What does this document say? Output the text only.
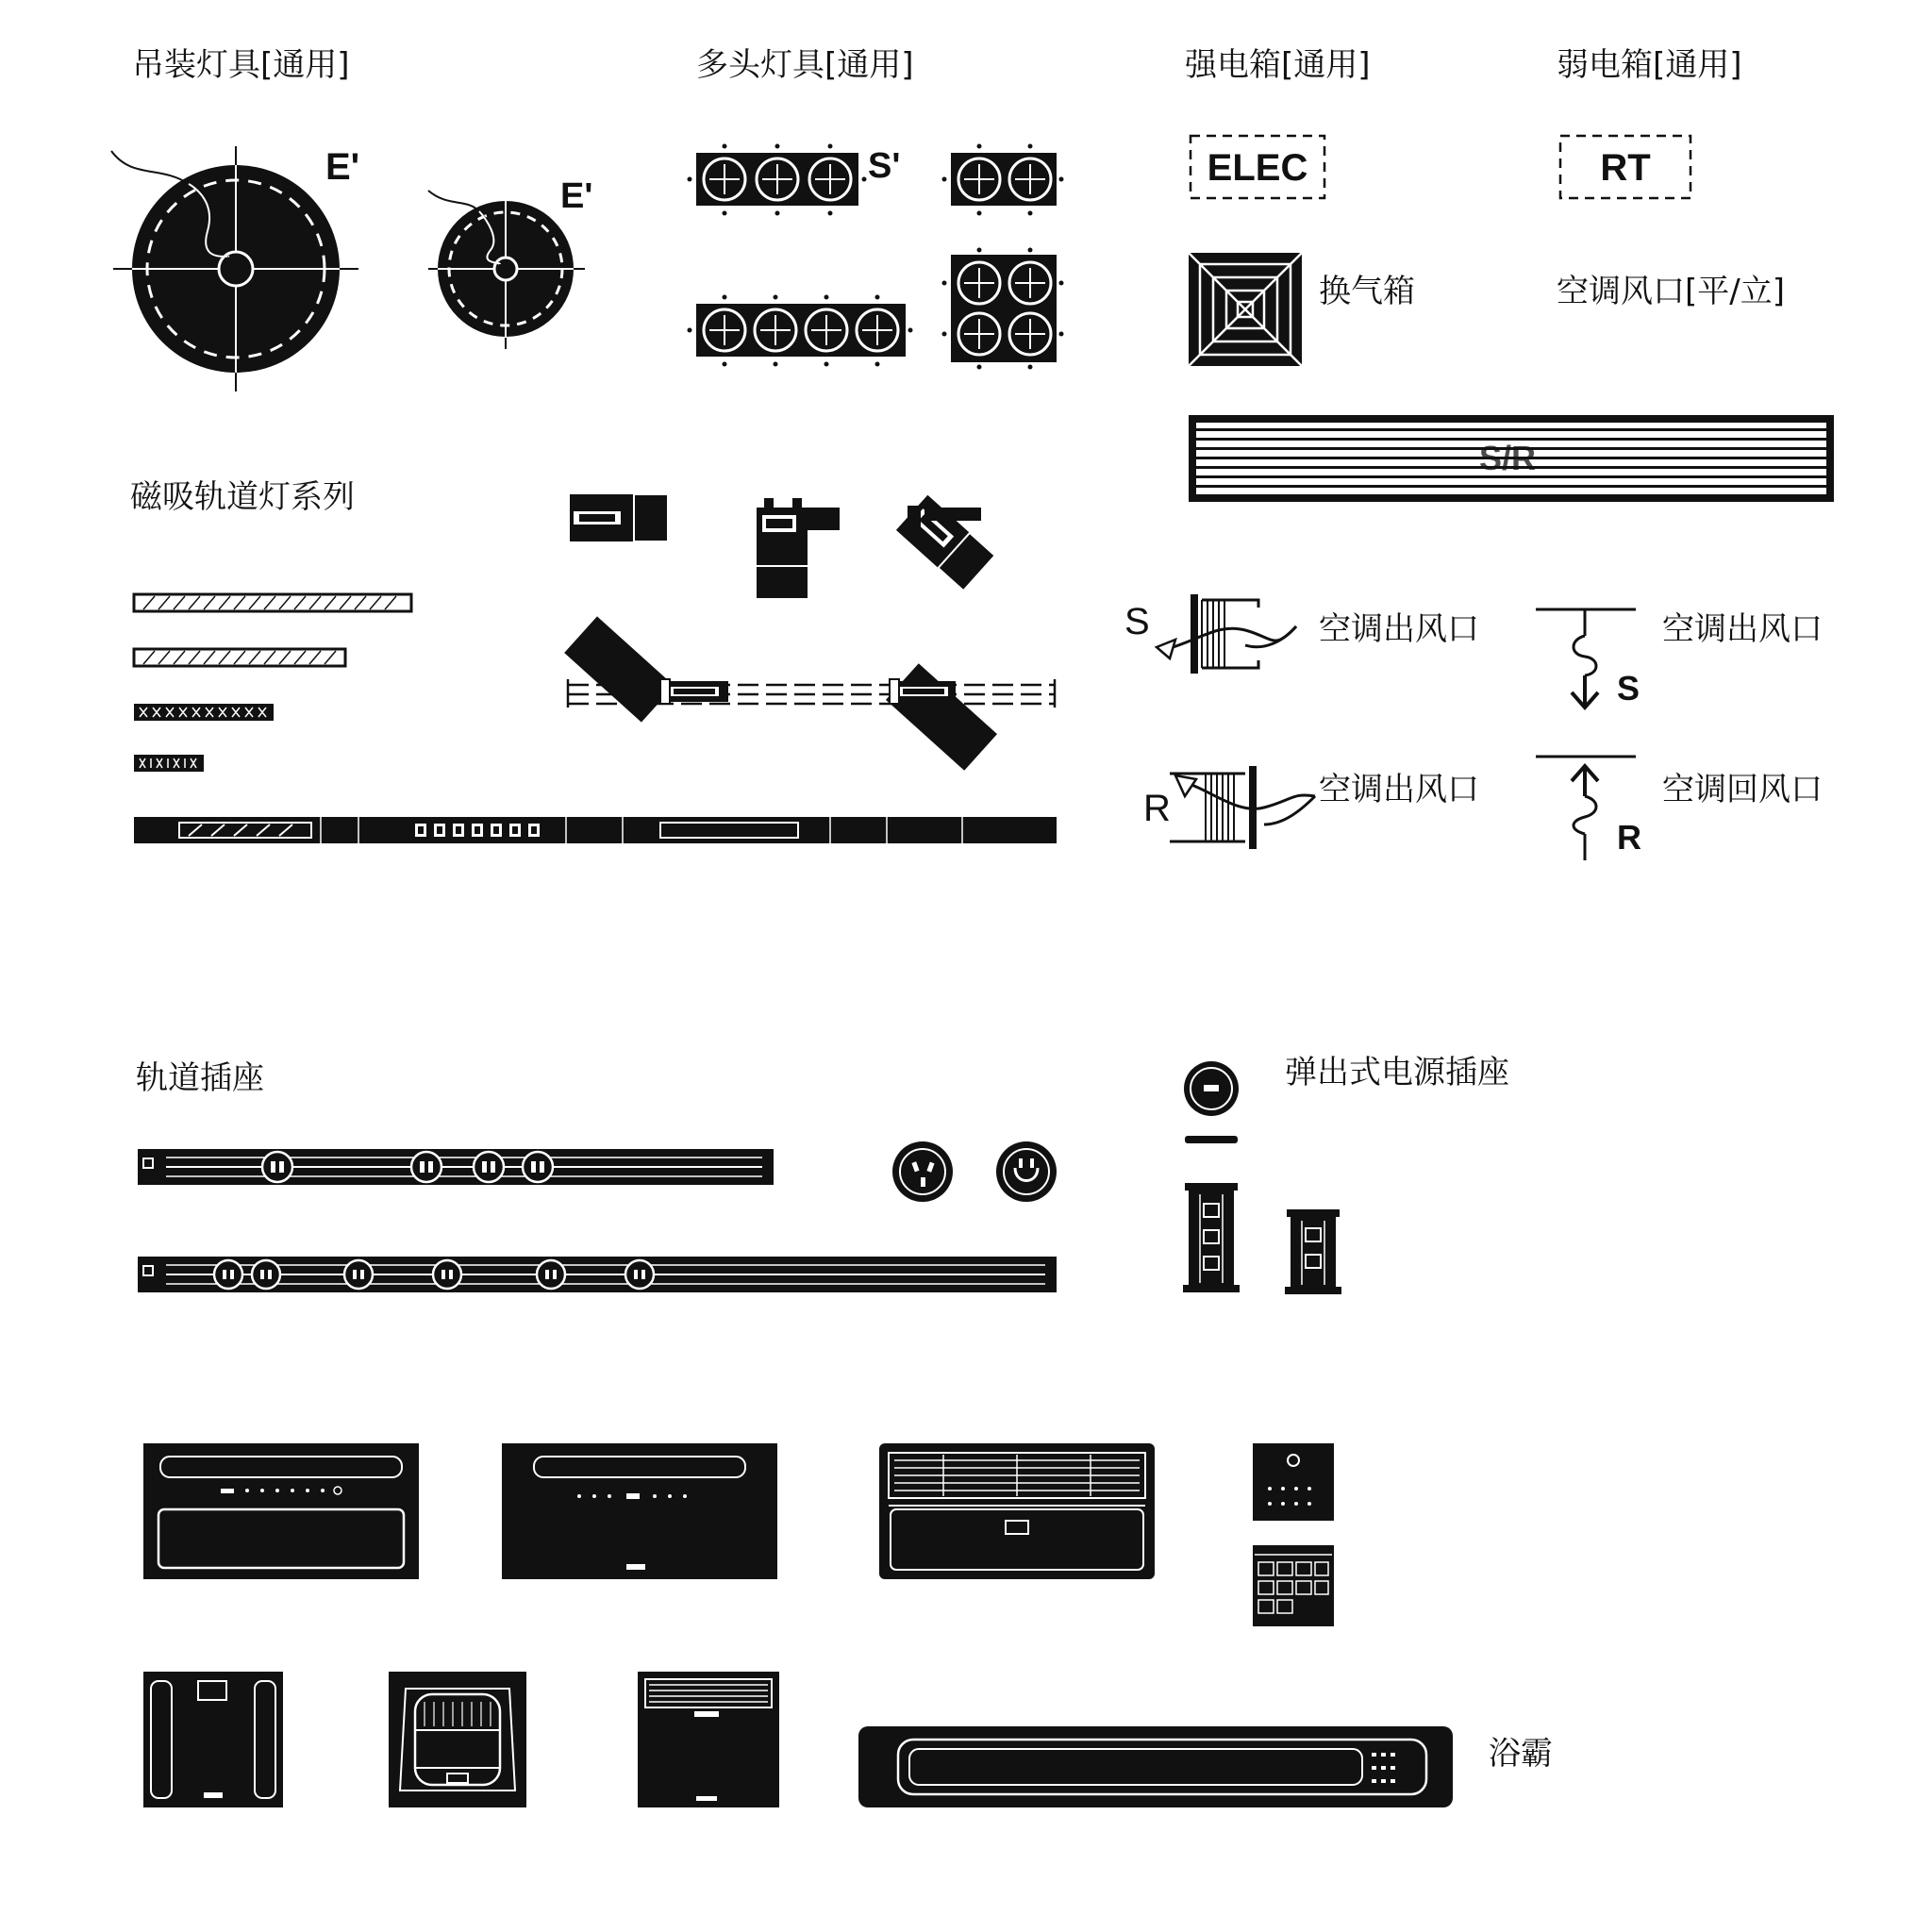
吊装灯具[通用]	多头灯具[通用]	强电箱[通用]	弱电箱[通用]
换气箱	空调风口[平/立]
磁吸轨道灯系列
空调出风口	空调出风口
空调出风口	空调回风口
轨道插座	弹出式电源插座
浴霸
E'
E'
S'	ELEC	RT
S/R
S
R
S
R
